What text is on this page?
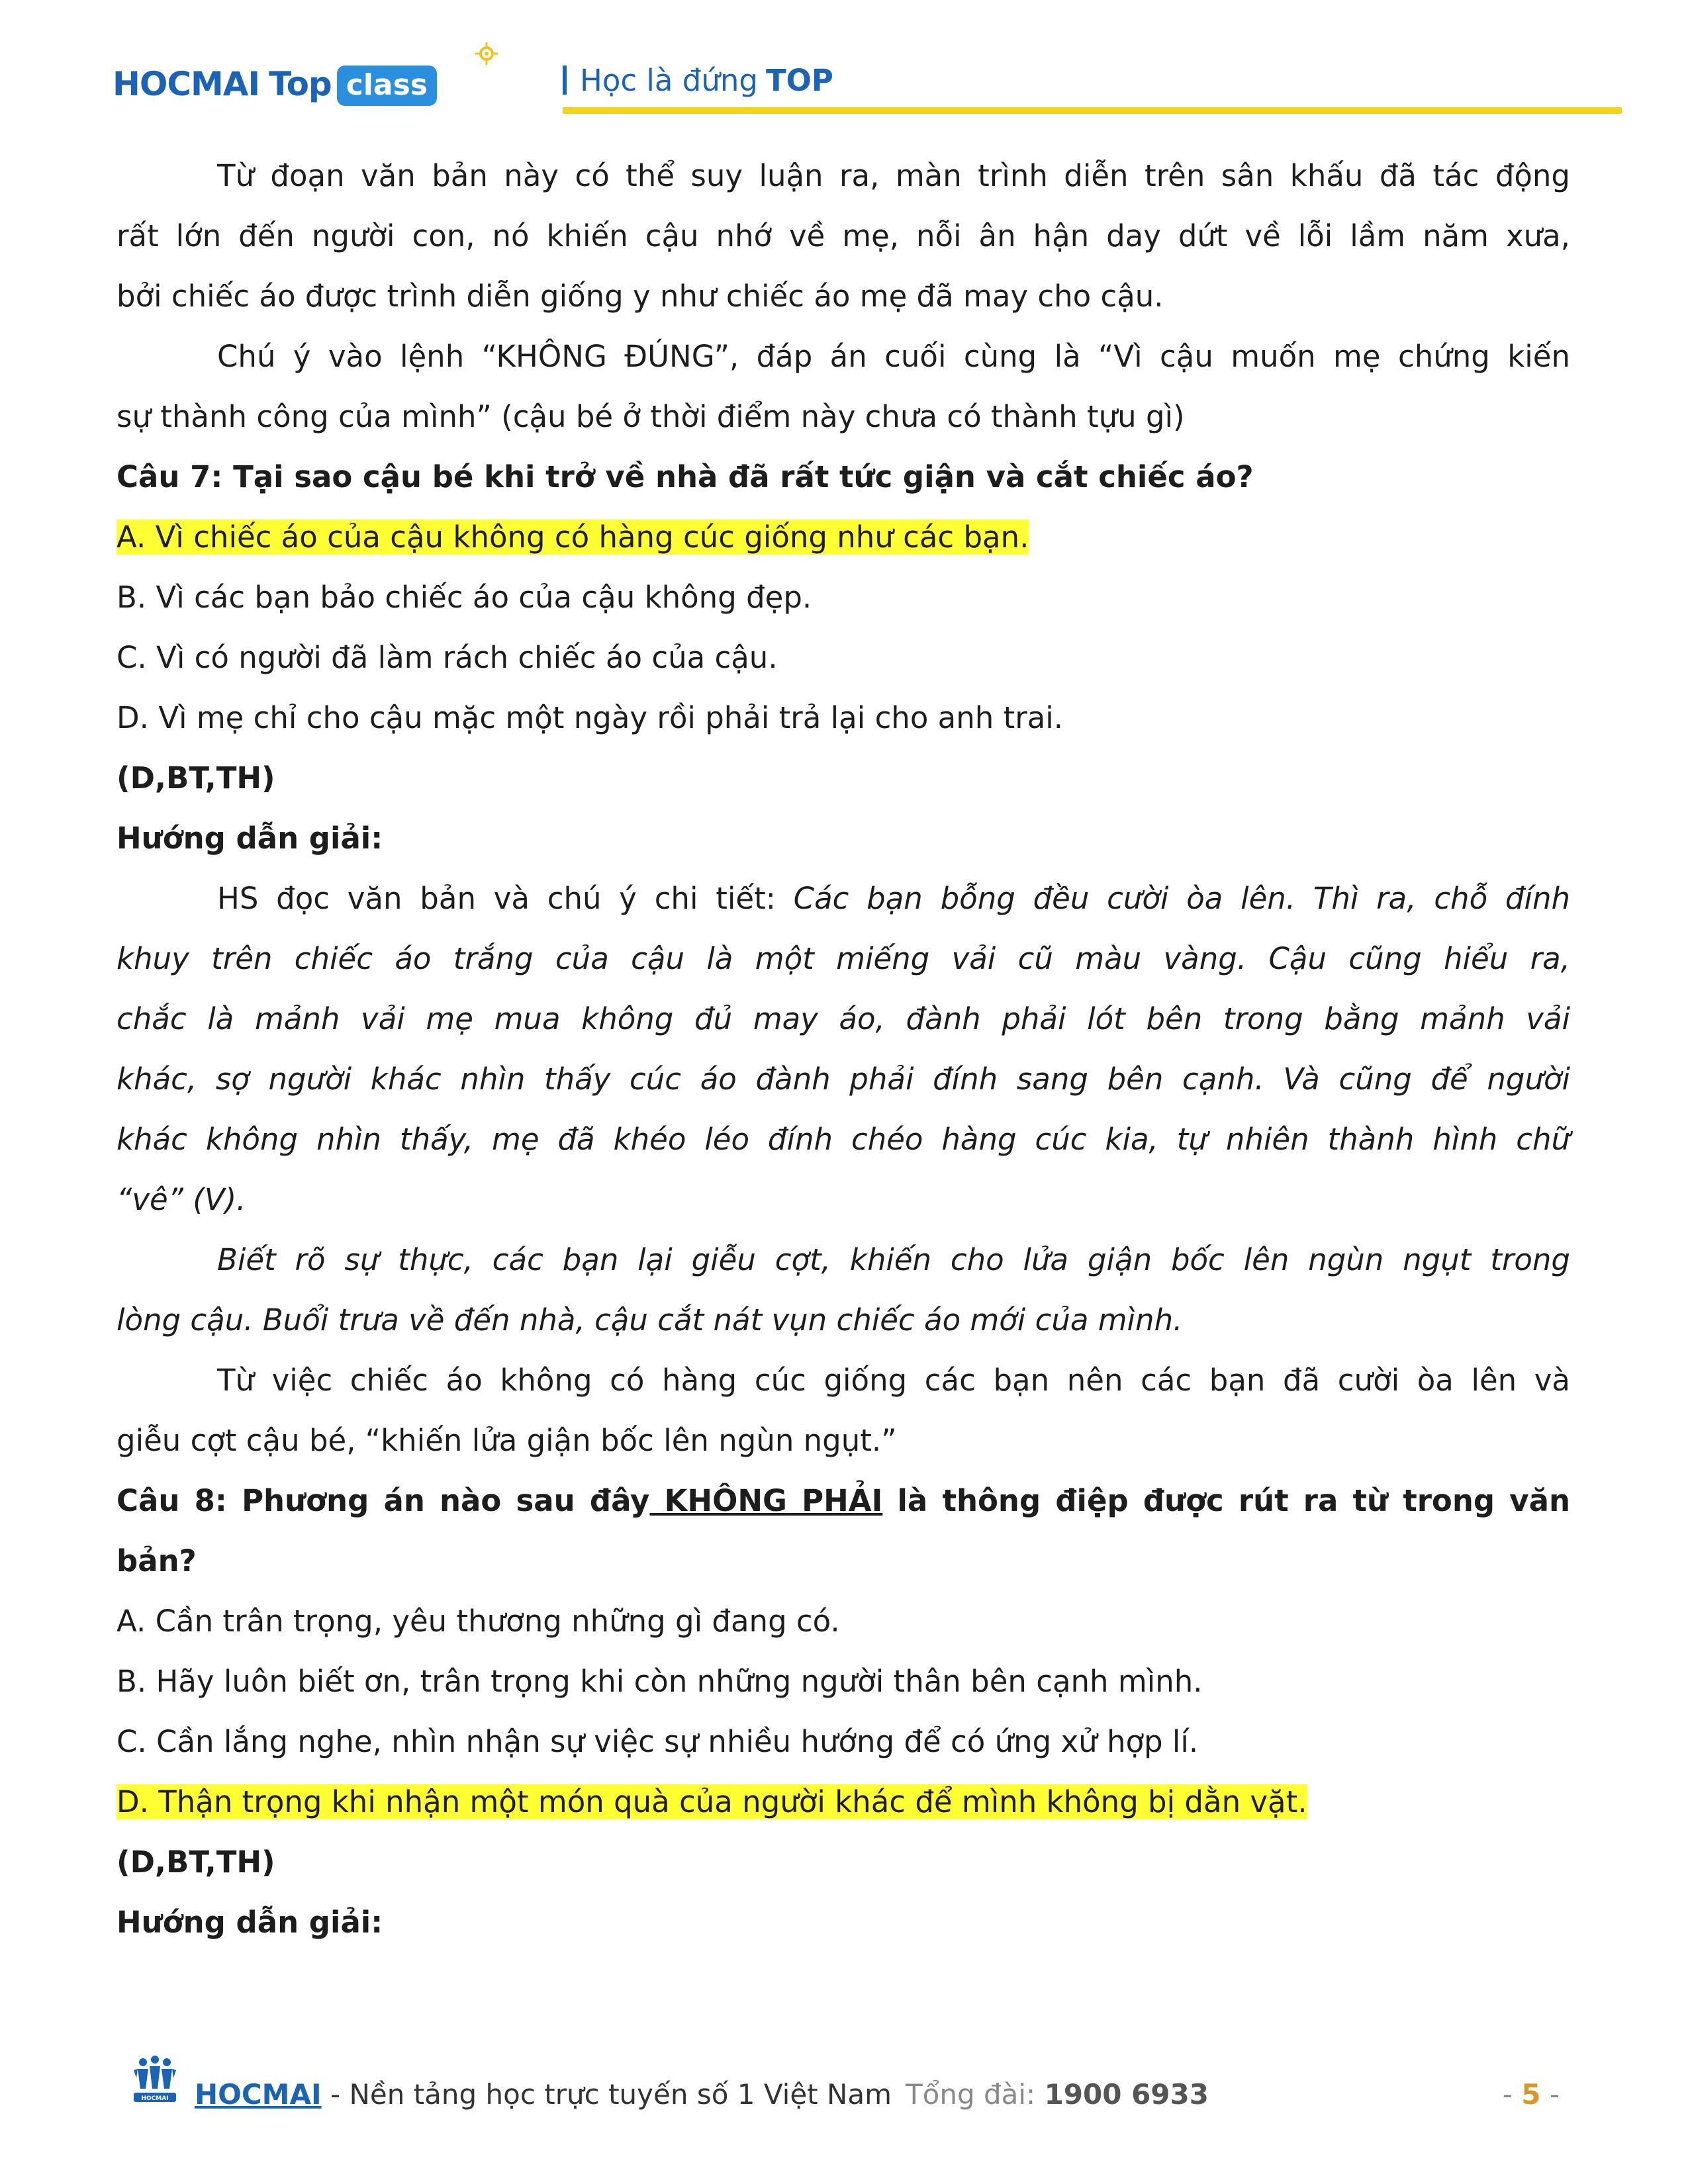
HOCMAI Top class	Học là đứng TOP
Từ đoạn văn bản này có thể suy luận ra, màn trình diễn trên sân khấu đã tác động
rất lớn đến người con, nó khiến cậu nhớ về mẹ, nỗi ân hận day dứt về lỗi lầm năm xưa,
bởi chiếc áo được trình diễn giống y như chiếc áo mẹ đã may cho cậu.
Chú ý vào lệnh “KHÔNG ĐÚNG”, đáp án cuối cùng là “Vì cậu muốn mẹ chứng kiến
sự thành công của mình” (cậu bé ở thời điểm này chưa có thành tựu gì)
Câu 7: Tại sao cậu bé khi trở về nhà đã rất tức giận và cắt chiếc áo?
A. Vì chiếc áo của cậu không có hàng cúc giống như các bạn.
B. Vì các bạn bảo chiếc áo của cậu không đẹp.
C. Vì có người đã làm rách chiếc áo của cậu.
D. Vì mẹ chỉ cho cậu mặc một ngày rồi phải trả lại cho anh trai.
(D,BT,TH)
Hướng dẫn giải:
HS đọc văn bản và chú ý chi tiết: Các bạn bỗng đều cười òa lên. Thì ra, chỗ đính
khuy trên chiếc áo trắng của cậu là một miếng vải cũ màu vàng. Cậu cũng hiểu ra,
chắc là mảnh vải mẹ mua không đủ may áo, đành phải lót bên trong bằng mảnh vải
khác, sợ người khác nhìn thấy cúc áo đành phải đính sang bên cạnh. Và cũng để người
khác không nhìn thấy, mẹ đã khéo léo đính chéo hàng cúc kia, tự nhiên thành hình chữ
“vê” (V).
Biết rõ sự thực, các bạn lại giễu cợt, khiến cho lửa giận bốc lên ngùn ngụt trong
lòng cậu. Buổi trưa về đến nhà, cậu cắt nát vụn chiếc áo mới của mình.
Từ việc chiếc áo không có hàng cúc giống các bạn nên các bạn đã cười òa lên và
giễu cợt cậu bé, “khiến lửa giận bốc lên ngùn ngụt.”
Câu 8: Phương án nào sau đây KHÔNG PHẢI là thông điệp được rút ra từ trong văn
bản?
A. Cần trân trọng, yêu thương những gì đang có.
B. Hãy luôn biết ơn, trân trọng khi còn những người thân bên cạnh mình.
C. Cần lắng nghe, nhìn nhận sự việc sự nhiều hướng để có ứng xử hợp lí.
D. Thận trọng khi nhận một món quà của người khác để mình không bị dằn vặt.
(D,BT,TH)
Hướng dẫn giải:
HOCMAI HOCMAI - Nền tảng học trực tuyến số 1 Việt Nam Tổng đài: 1900 6933	- 5 -
